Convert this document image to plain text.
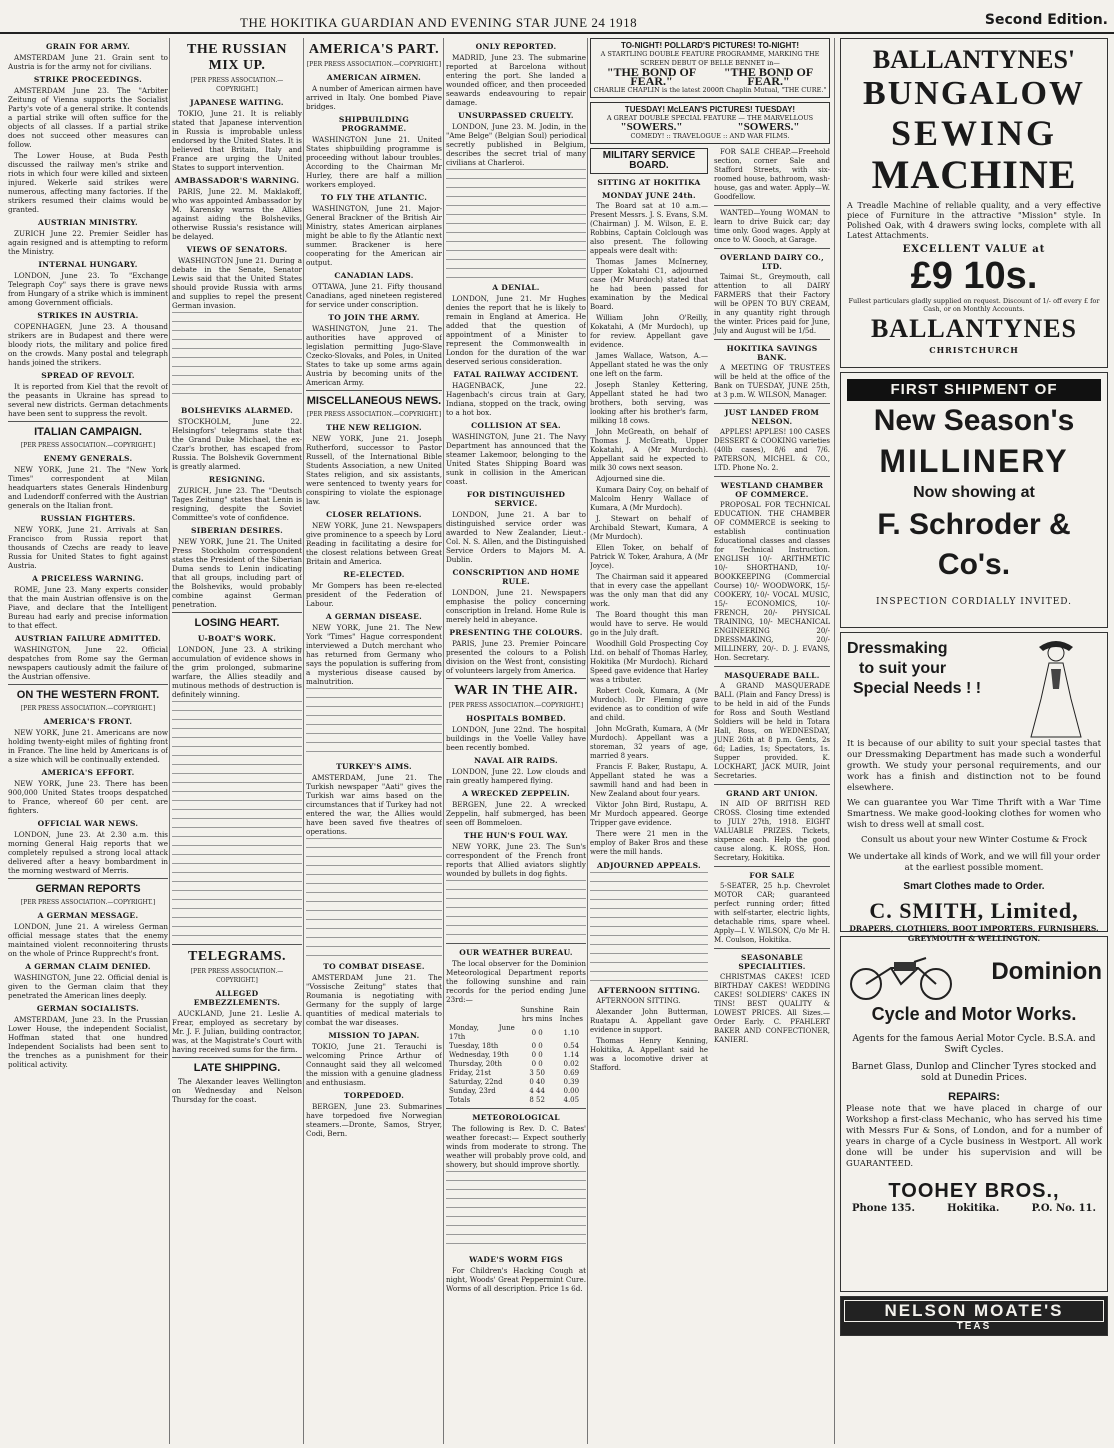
THE HOKITIKA GUARDIAN AND EVENING STAR JUNE 24 1918	Second Edition.
GRAIN FOR ARMY.

AMSTERDAM June 21. Grain sent to Austria is for the army not for civilians.

STRIKE PROCEEDINGS.

AMSTERDAM June 23. The "Arbiter Zeitung of Vienna supports the Socialist Party's vote of a general strike. It contends a partial strike will often suffice for the objects of all classes. If a partial strike does not succeed other measures can follow.

The Lower House, at Buda Pesth discussed the railway men's strike and riots in which four were killed and sixteen injured. Wekerle said strikes were numerous, affecting many factories. If the strikers resumed their claims would be granted.

AUSTRIAN MINISTRY.

ZURICH June 22. Premier Seidler has again resigned and is attempting to reform the Ministry.

INTERNAL HUNGARY.

LONDON, June 23. To "Exchange Telegraph Coy" says there is grave news from Hungary of a strike which is imminent among Government officials.

STRIKES IN AUSTRIA.

COPENHAGEN, June 23. A thousand strikers are in Budapest and there were bloody riots, the military and police fired on the crowds. Many postal and telegraph hands joined the strikers.

SPREAD OF REVOLT.

It is reported from Kiel that the revolt of the peasants in Ukraine has spread to several new districts. German detachments have been sent to suppress the revolt.

ITALIAN CAMPAIGN.
[PER PRESS ASSOCIATION.—COPYRIGHT.]
ENEMY GENERALS.

NEW YORK, June 21. The "New York Times" correspondent at Milan headquarters states Generals Hindenburg and Ludendorff conferred with the Austrian generals on the Italian front.

RUSSIAN FIGHTERS.

NEW YORK, June 21. Arrivals at San Francisco from Russia report that thousands of Czechs are ready to leave Russia for United States to fight against Austria.

A PRICELESS WARNING.

ROME, June 23. Many experts consider that the main Austrian offensive is on the Piave, and declare that the Intelligent Bureau had early and precise information to that effect.

AUSTRIAN FAILURE ADMITTED.

WASHINGTON, June 22. Official despatches from Rome say the German newspapers cautiously admit the failure of the Austrian offensive.

ON THE WESTERN FRONT.
[PER PRESS ASSOCIATION.—COPYRIGHT.]
AMERICA'S FRONT.

NEW YORK, June 21. Americans are now holding twenty-eight miles of fighting front in France. The line held by Americans is of a size which will be continually extended.

AMERICA'S EFFORT.

NEW YORK, June 23. There has been 900,000 United States troops despatched to France, whereof 60 per cent. are fighters.

OFFICIAL WAR NEWS.

LONDON, June 23. At 2.30 a.m. this morning General Haig reports that we completely repulsed a strong local attack delivered after a heavy bombardment in the morning westward of Merris.

GERMAN REPORTS
[PER PRESS ASSOCIATION.—COPYRIGHT.]
A GERMAN MESSAGE.

LONDON, June 21. A wireless German official message states that the enemy maintained violent reconnoitering thrusts on the whole of Prince Rupprecht's front.

A GERMAN CLAIM DENIED.

WASHINGTON, June 22. Official denial is given to the German claim that they penetrated the American lines deeply.

GERMAN SOCIALISTS.

AMSTERDAM, June 23. In the Prussian Lower House, the independent Socialist, Hoffman stated that one hundred Independent Socialists had been sent to the trenches as a punishment for their political activity.

THE RUSSIAN MIX UP.
[PER PRESS ASSOCIATION.—COPYRIGHT.]
JAPANESE WAITING.

TOKIO, June 21. It is reliably stated that Japanese intervention in Russia is improbable unless endorsed by the United States. It is believed that Britain, Italy and France are urging the United States to support intervention.

AMBASSADOR'S WARNING.

PARIS, June 22. M. Maklakoff, who was appointed Ambassador by M. Karensky warns the Allies against aiding the Bolsheviks, otherwise Russia's resistance will be delayed.

VIEWS OF SENATORS.

WASHINGTON June 21. During a debate in the Senate, Senator Lewis said that the United States should provide Russia with arms and supplies to repel the present German invasion.

BOLSHEVIKS ALARMED.

STOCKHOLM, June 22. Helsingfors' telegrams state that the Grand Duke Michael, the ex-Czar's brother, has escaped from Russia. The Bolshevik Government is greatly alarmed.

RESIGNING.

ZURICH, June 23. The "Deutsch Tages Zeitung" states that Lenin is resigning, despite the Soviet Committee's vote of confidence.

SIBERIAN DESIRES.

NEW YORK, June 21. The United Press Stockholm correspondent states the President of the Siberian Duma sends to Lenin indicating that all groups, including part of the Bolsheviks, would probably combine against German penetration.

LOSING HEART.
U-BOAT'S WORK.

LONDON, June 23. A striking accumulation of evidence shows in the grim prolonged, submarine warfare, the Allies steadily and mutinous methods of destruction is definitely winning.

TELEGRAMS.
[PER PRESS ASSOCIATION.—COPYRIGHT.]
ALLEGED EMBEZZLEMENTS.

AUCKLAND, June 21. Leslie A. Frear, employed as secretary by Mr. J. F. Julian, building contractor, was, at the Magistrate's Court with having received sums for the firm.

LATE SHIPPING.

The Alexander leaves Wellington on Wednesday and Nelson Thursday for the coast.

AMERICA'S PART.
[PER PRESS ASSOCIATION.—COPYRIGHT.]
AMERICAN AIRMEN.

A number of American airmen have arrived in Italy. One bombed Piave bridges.

SHIPBUILDING PROGRAMME.

WASHINGTON June 21. United States shipbuilding programme is proceeding without labour troubles. According to the Chairman Mr Hurley, there are half a million workers employed.

TO FLY THE ATLANTIC.

WASHINGTON, June 21. Major-General Brackner of the British Air Ministry, states American airplanes might be able to fly the Atlantic next summer. Brackener is here cooperating for the American air output.

CANADIAN LADS.

OTTAWA, June 21. Fifty thousand Canadians, aged nineteen registered for service under conscription.

TO JOIN THE ARMY.

WASHINGTON, June 21. The authorities have approved of legislation permitting Jugo-Slave Czecko-Slovaks, and Poles, in United States to take up some arms again Austria by becoming units of the American Army.

MISCELLANEOUS NEWS.
[PER PRESS ASSOCIATION.—COPYRIGHT.]
THE NEW RELIGION.

NEW YORK, June 21. Joseph Rutherford, successor to Pastor Russell, of the International Bible Students Association, a new United States religion, and six assistants, were sentenced to twenty years for conspiring to violate the espionage law.

CLOSER RELATIONS.

NEW YORK, June 21. Newspapers give prominence to a speech by Lord Reading in facilitating a desire for the closest relations between Great Britain and America.

RE-ELECTED.

Mr Gompers has been re-elected president of the Federation of Labour.

A GERMAN DISEASE.

NEW YORK, June 21. The New York "Times" Hague correspondent interviewed a Dutch merchant who has returned from Germany who says the population is suffering from a mysterious disease caused by malnutrition.

TURKEY'S AIMS.

AMSTERDAM, June 21. The Turkish newspaper "Aati" gives the Turkish war aims based on the circumstances that if Turkey had not entered the war, the Allies would have been saved five theatres of operations.

TO COMBAT DISEASE.

AMSTERDAM June 21. The "Vossische Zeitung" states that Roumania is negotiating with Germany for the supply of large quantities of medical materials to combat the war diseases.

MISSION TO JAPAN.

TOKIO, June 21. Terauchi is welcoming Prince Arthur of Connaught said they all welcomed the mission with a genuine gladness and enthusiasm.

TORPEDOED.

BERGEN, June 23. Submarines have torpedoed five Norwegian steamers.—Dronte, Samos, Stryer, Codi, Bern.

ONLY REPORTED.

MADRID, June 23. The submarine reported at Barcelona without entering the port. She landed a wounded officer, and then proceeded seawards endeavouring to repair damage.

UNSURPASSED CRUELTY.

LONDON, June 23. M. Jodin, in the "Ame Belge" (Belgian Soul) periodical secretly published in Belgium, describes the secret trial of many civilians at Charleroi.

A DENIAL.

LONDON, June 21. Mr Hughes denies the report that he is likely to remain in England at America. He added that the question of appointment of a Minister to represent the Commonwealth in London for the duration of the war deserved serious consideration.

FATAL RAILWAY ACCIDENT.

HAGENBACK, June 22. Hagenbach's circus train at Gary, Indiana, stopped on the track, owing to a hot box.

COLLISION AT SEA.

WASHINGTON, June 21. The Navy Department has announced that the steamer Lakemoor, belonging to the United States Shipping Board was sunk in collision in the American coast.

FOR DISTINGUISHED SERVICE.

LONDON, June 21. A bar to distinguished service order was awarded to New Zealander, Lieut.-Col. N. S. Allen, and the Distinguished Service Orders to Majors M. A. Dublin.

CONSCRIPTION AND HOME RULE.

LONDON, June 21. Newspapers emphasise the policy concerning conscription in Ireland. Home Rule is merely held in abeyance.

PRESENTING THE COLOURS.

PARIS, June 23. Premier Poincare presented the colours to a Polish division on the West front, consisting of volunteers largely from America.

WAR IN THE AIR.
[PER PRESS ASSOCIATION.—COPYRIGHT.]
HOSPITALS BOMBED.

LONDON, June 22nd. The hospital buildings in the Voelle Valley have been recently bombed.

NAVAL AIR RAIDS.

LONDON, June 22. Low clouds and rain greatly hampered flying.

A WRECKED ZEPPELIN.

BERGEN, June 22. A wrecked Zeppelin, half submerged, has been seen off Bommeloen.

THE HUN'S FOUL WAY.

NEW YORK, June 23. The Sun's correspondent of the French front reports that Allied aviators slightly wounded by bullets in dog fights.

OUR WEATHER BUREAU.

The local observer for the Dominion Meteorological Department reports the following sunshine and rain records for the period ending June 23rd:—

	Sunshine	Rain
	hrs mins	Inches
Monday, June 17th	0 0	1.10
Tuesday, 18th	0 0	0.54
Wednesday, 19th	0 0	1.14
Thursday, 20th	0 0	0.02
Friday, 21st	3 50	0.69
Saturday, 22nd	0 40	0.39
Sunday, 23rd	4 44	0.00
Totals	8 52	4.05
METEOROLOGICAL

The following is Rev. D. C. Bates' weather forecast:— Expect southerly winds from moderate to strong. The weather will probably prove cold, and showery, but should improve shortly.

WADE'S WORM FIGS

For Children's Hacking Cough at night, Woods' Great Peppermint Cure. Worms of all description. Price 1s 6d.

TO-NIGHT! POLLARD'S PICTURES! TO-NIGHT!
A STARTLING DOUBLE FEATURE PROGRAMME, MARKING THE SCREEN DEBUT OF BELLE BENNET in—
"THE BOND OF FEAR."
"THE BOND OF FEAR."
CHARLIE CHAPLIN is the latest 2000ft Chaplin Mutual, "THE CURE."
TUESDAY! McLEAN'S PICTURES! TUESDAY!
A GREAT DOUBLE SPECIAL FEATURE — THE MARVELLOUS
"SOWERS."	"SOWERS."
COMEDY! :: TRAVELOGUE :: AND WAR FILMS.
MILITARY SERVICE BOARD.
SITTING AT HOKITIKA
MONDAY JUNE 24th.

The Board sat at 10 a.m.—Present Messrs. J. S. Evans, S.M. (Chairman) J. M. Wilson, E. E. Robbins, Captain Colclough was also present. The following appeals were dealt with:

Thomas James McInerney, Upper Kokatahi C1, adjourned case (Mr Murdoch) stated that he had been passed for examination by the Medical Board.

William John O'Reilly, Kokatahi, A (Mr Murdoch), up for review. Appellant gave evidence.

James Wallace, Watson, A.—Appellant stated he was the only one left on the farm.

Joseph Stanley Kettering, Appellant stated he had two brothers, both serving, was looking after his brother's farm, milking 18 cows.

John McGreath, on behalf of Thomas J. McGreath, Upper Kokatahi, A (Mr Murdoch). Appellant said he expected to milk 30 cows next season.

Adjourned sine die.

Kumara Dairy Coy, on behalf of Malcolm Henry Wallace of Kumara, A (Mr Murdoch).

J. Stewart on behalf of Archibald Stewart, Kumara, A (Mr Murdoch).

Ellen Toker, on behalf of Patrick W. Toker, Arahura, A (Mr Joyce).

The Chairman said it appeared that in every case the appellant was the only man that did any work.

The Board thought this man would have to serve. He would go in the July draft.

Woodhill Gold Prospecting Coy Ltd. on behalf of Thomas Harley, Hokitika (Mr Murdoch). Richard Speed gave evidence that Harley was a tributer.

Robert Cook, Kumara, A (Mr Murdoch). Dr Fleming gave evidence as to condition of wife and child.

John McGrath, Kumara, A (Mr Murdoch). Appellant was a storeman, 32 years of age, married 8 years.

Francis F. Baker, Rustapu, A. Appellant stated he was a sawmill hand and had been in New Zealand about four years.

Viktor John Bird, Rustapu, A. Mr Murdoch appeared. George Tripper gave evidence.

There were 21 men in the employ of Baker Bros and these were the mill hands.

ADJOURNED APPEALS.
AFTERNOON SITTING.

AFTERNOON SITTING.

Alexander John Butterman, Ruatapu A. Appellant gave evidence in support.

Thomas Henry Kenning, Hokitika, A. Appellant said he was a locomotive driver at Stafford.

FOR SALE CHEAP.—Freehold section, corner Sale and Stafford Streets, with six-roomed house, bathroom, wash-house, gas and water. Apply—W. Goodfellow.

WANTED—Young WOMAN to learn to drive Buick car; day time only. Good wages. Apply at once to W. Gooch, at Garage.

OVERLAND DAIRY CO., LTD.

Taimai St., Greymouth, call attention to all DAIRY FARMERS that their Factory will be OPEN TO BUY CREAM, in any quantity right through the winter. Prices paid for June, July and August will be 1/5d.

HOKITIKA SAVINGS BANK.

A MEETING OF TRUSTEES will be held at the office of the Bank on TUESDAY, JUNE 25th, at 3 p.m. W. WILSON, Manager.

JUST LANDED FROM NELSON.

APPLES! APPLES! 100 CASES DESSERT & COOKING varieties (40lb cases), 8/6 and 7/6. PATERSON, MICHEL & CO., LTD. Phone No. 2.

WESTLAND CHAMBER OF COMMERCE.

PROPOSAL FOR TECHNICAL EDUCATION. THE CHAMBER OF COMMERCE is seeking to establish continuation Educational classes and classes for Technical Instruction. ENGLISH 10/- ARITHMETIC 10/- SHORTHAND, 10/- BOOKKEEPING (Commercial Course) 10/- WOODWORK, 15/- COOKERY, 10/- VOCAL MUSIC, 15/- ECONOMICS, 10/- FRENCH, 20/- PHYSICAL TRAINING, 10/- MECHANICAL ENGINEERING 20/- DRESSMAKING, 20/- MILLINERY, 20/-. D. J. EVANS, Hon. Secretary.

MASQUERADE BALL.

A GRAND MASQUERADE BALL (Plain and Fancy Dress) is to be held in aid of the Funds for Ross and South Westland Soldiers will be held in Totara Hall, Ross, on WEDNESDAY, JUNE 26th at 8 p.m. Gents, 2s 6d; Ladies, 1s; Spectators, 1s. Supper provided. K. LOCKHART, JACK MUIR, Joint Secretaries.

GRAND ART UNION.

IN AID OF BRITISH RED CROSS. Closing time extended to JULY 27th, 1918. EIGHT VALUABLE PRIZES. Tickets, sixpence each. Help the good cause along. K. ROSS, Hon. Secretary, Hokitika.

FOR SALE

5-SEATER, 25 h.p. Chevrolet MOTOR CAR; guaranteed perfect running order; fitted with self-starter, electric lights, detachable rims, spare wheel. Apply—I. V. WILSON, C/o Mr H. M. Coulson, Hokitika.

SEASONABLE SPECIALITIES.

CHRISTMAS CAKES! ICED BIRTHDAY CAKES! WEDDING CAKES! SOLDIERS' CAKES IN TINS! BEST QUALITY & LOWEST PRICES. All Sizes.—Order Early. C. PFAHLERT BAKER AND CONFECTIONER, KANIERI.

BALLANTYNES'
BUNGALOW
SEWING
MACHINE
A Treadle Machine of reliable quality, and a very effective piece of Furniture in the attractive "Mission" style. In Polished Oak, with 4 drawers swing locks, complete with all Latest Attachments.
EXCELLENT VALUE at
£9 10s.
Fullest particulars gladly supplied on request. Discount of 1/- off every £ for Cash, or on Monthly Accounts.
BALLANTYNES
CHRISTCHURCH
FIRST SHIPMENT OF
New Season's
MILLINERY
Now showing at
F. Schroder & Co's.
INSPECTION CORDIALLY INVITED.
Dressmaking
to suit your
Special Needs ! !
It is because of our ability to suit your special tastes that our Dressmaking Department has made such a wonderful growth. We study your personal requirements, and our work has a finish and distinction not to be found elsewhere.
We can guarantee you War Time Thrift with a War Time Smartness. We make good-looking clothes for women who wish to dress well at small cost.
Consult us about your new Winter Costume & Frock
We undertake all kinds of Work, and we will fill your order at the earliest possible moment.
Smart Clothes made to Order.
C. SMITH, Limited,
DRAPERS, CLOTHIERS, BOOT IMPORTERS, FURNISHERS.
GREYMOUTH & WELLINGTON.
Dominion
Cycle and Motor Works.
Agents for the famous Aerial Motor Cycle. B.S.A. and Swift Cycles.
Barnet Glass, Dunlop and Clincher Tyres stocked and sold at Dunedin Prices.
REPAIRS:
Please note that we have placed in charge of our Workshop a first-class Mechanic, who has served his time with Messrs Fur & Sons, of London, and for a number of years in charge of a Cycle business in Westport. All work done will be under his supervision and will be GUARANTEED.
TOOHEY BROS.,
Phone 135.	Hokitika.	P.O. No. 11.
NELSON MOATE'S
TEAS
